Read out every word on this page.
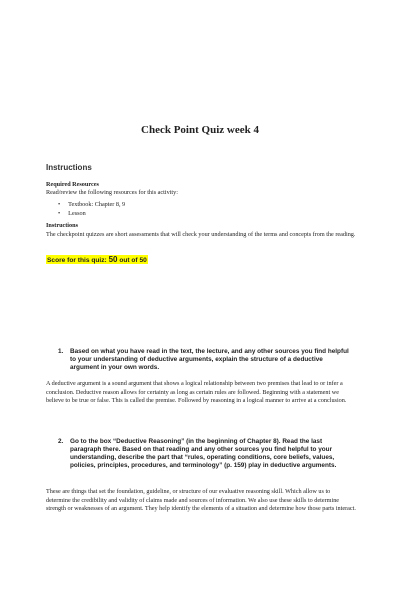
Check Point Quiz week 4
Instructions
Required Resources
Read/review the following resources for this activity:
• Textbook: Chapter 8, 9
• Lesson
Instructions
The checkpoint quizzes are short assessments that will check your understanding of the terms and concepts from the reading.
Score for this quiz: 50 out of 50
1. Based on what you have read in the text, the lecture, and any other sources you find helpful to your understanding of deductive arguments, explain the structure of a deductive argument in your own words.
A deductive argument is a sound argument that shows a logical relationship between two premises that lead to or infer a conclusion. Deductive reason allows for certainty as long as certain rules are followed. Beginning with a statement we believe to be true or false. This is called the premise. Followed by reasoning in a logical manner to arrive at a conclusion.
2. Go to the box “Deductive Reasoning” (in the beginning of Chapter 8). Read the last paragraph there. Based on that reading and any other sources you find helpful to your understanding, describe the part that “rules, operating conditions, core beliefs, values, policies, principles, procedures, and terminology” (p. 159) play in deductive arguments.
These are things that set the foundation, guideline, or structure of our evaluative reasoning skill. Which allow us to determine the credibility and validity of claims made and sources of information. We also use these skills to determine strength or weaknesses of an argument. They help identify the elements of a situation and determine how those parts interact.
